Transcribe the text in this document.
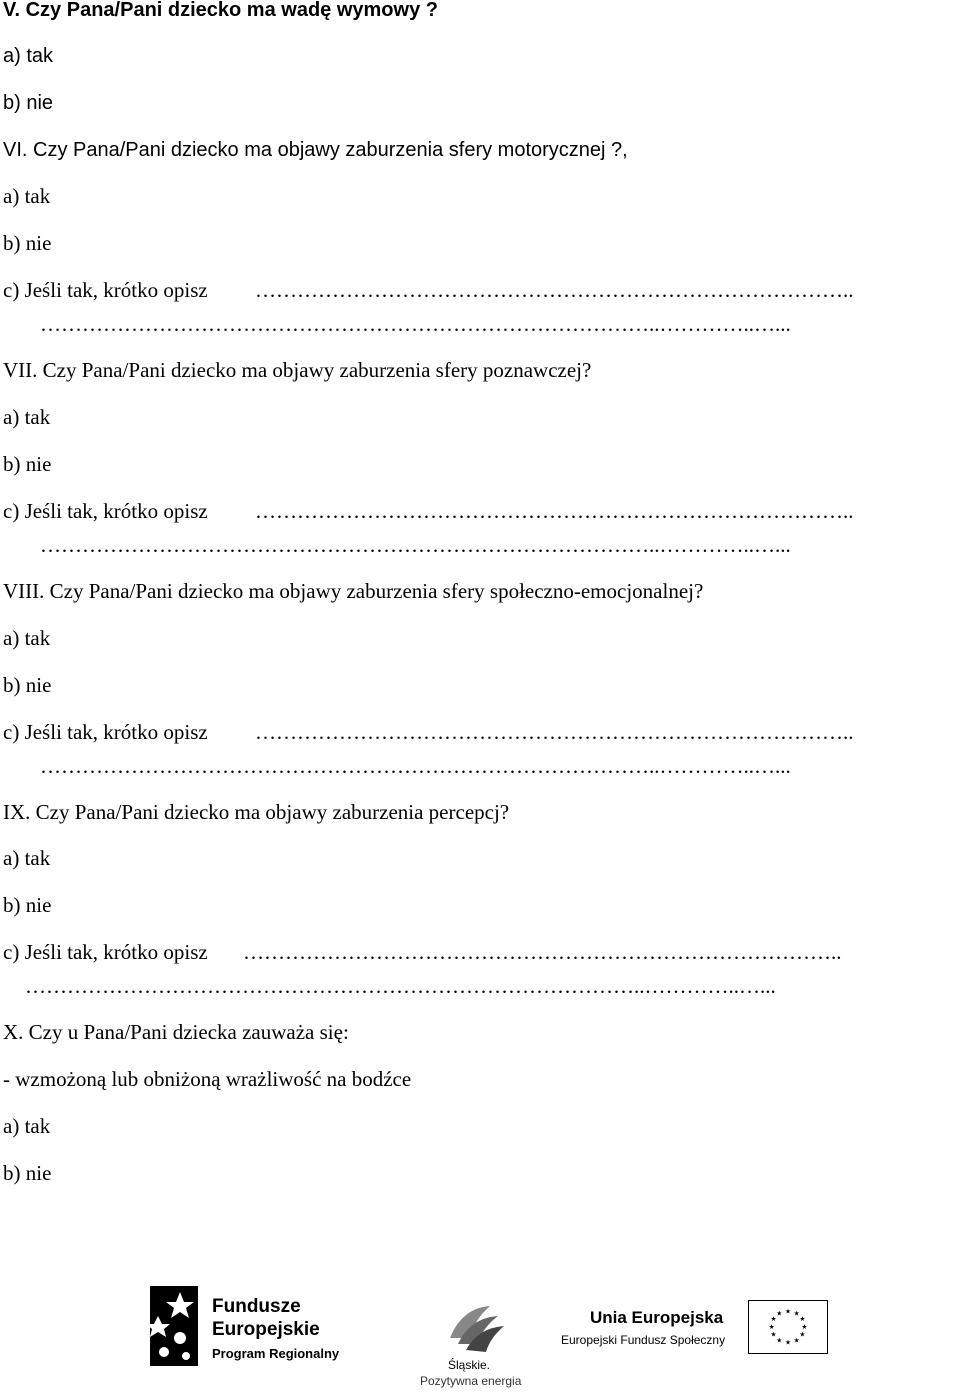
V. Czy Pana/Pani dziecko ma wadę wymowy ?
a) tak
b) nie
VI. Czy Pana/Pani dziecko ma objawy zaburzenia sfery motorycznej ?,
a) tak
b) nie
c) Jeśli tak, krótko opisz …………………………………………………………………………..
……………………………………………………………………………..…………..…...
VII. Czy Pana/Pani dziecko ma objawy zaburzenia sfery poznawczej?
a) tak
b) nie
c) Jeśli tak, krótko opisz …………………………………………………………………………..
……………………………………………………………………………..…………..…...
VIII. Czy Pana/Pani dziecko ma objawy zaburzenia sfery społeczno-emocjonalnej?
a) tak
b) nie
c) Jeśli tak, krótko opisz …………………………………………………………………………..
……………………………………………………………………………..…………..…...
IX. Czy Pana/Pani dziecko ma objawy zaburzenia percepcj?
a) tak
b) nie
c) Jeśli tak, krótko opisz …………………………………………………………………………..
……………………………………………………………………………..…………..…...
X. Czy u Pana/Pani dziecka zauważa się:
- wzmożoną lub obniżoną wrażliwość na bodźce
a) tak
b) nie
Fundusze
Europejskie
Program Regionalny
Śląskie.
Pozytywna energia
Unia Europejska
Europejski Fundusz Społeczny
★ ★
★
★
★
★
★
★
★
★
★
★
